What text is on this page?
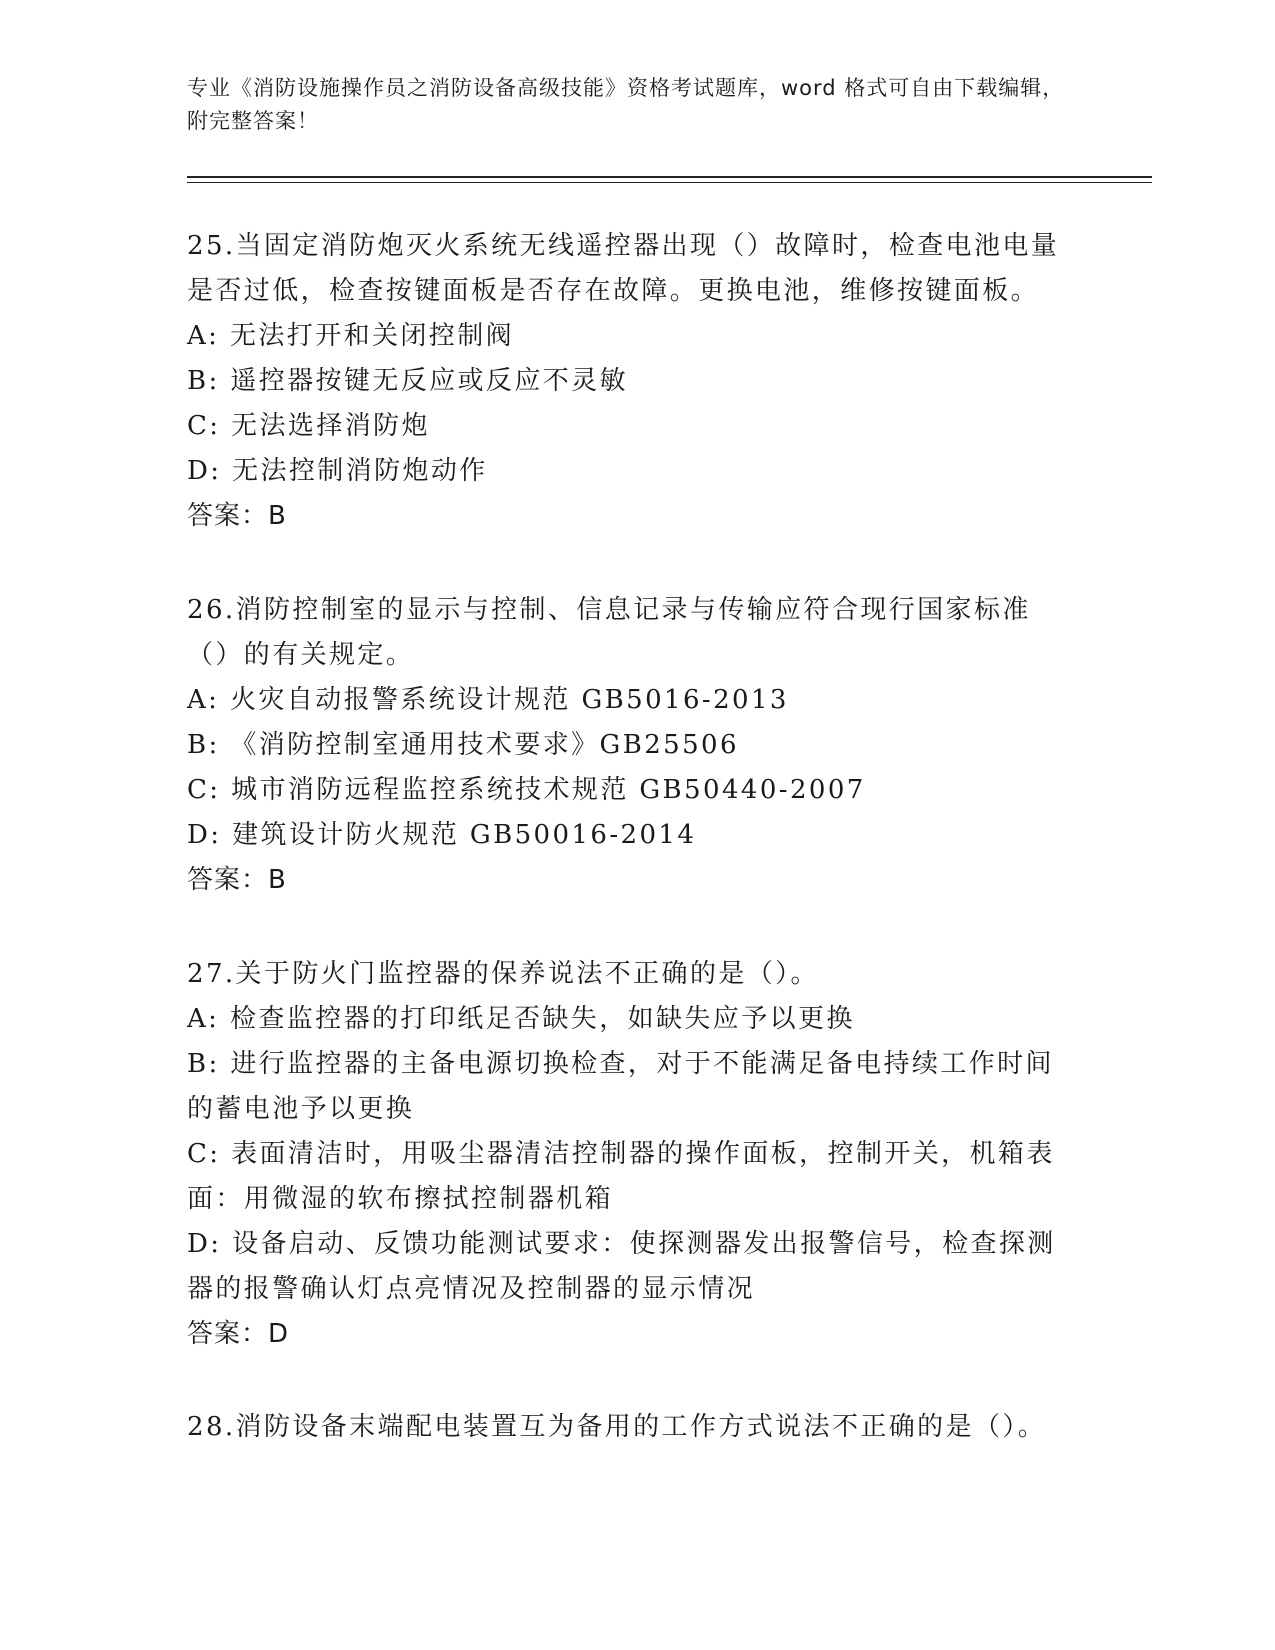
专业《消防设施操作员之消防设备高级技能》资格考试题库，word 格式可自由下载编辑，附完整答案！

25.当固定消防炮灭火系统无线遥控器出现（）故障时，检查电池电量是否过低，检查按键面板是否存在故障。更换电池，维修按键面板。

A: 无法打开和关闭控制阀

B: 遥控器按键无反应或反应不灵敏

C: 无法选择消防炮

D: 无法控制消防炮动作

答案：B

26.消防控制室的显示与控制、信息记录与传输应符合现行国家标准（）的有关规定。

A: 火灾自动报警系统设计规范 GB5016-2013

B: 《消防控制室通用技术要求》GB25506

C: 城市消防远程监控系统技术规范 GB50440-2007

D: 建筑设计防火规范 GB50016-2014

答案：B

27.关于防火门监控器的保养说法不正确的是（）。

A: 检查监控器的打印纸足否缺失，如缺失应予以更换

B: 进行监控器的主备电源切换检查，对于不能满足备电持续工作时间的蓄电池予以更换

C: 表面清洁时，用吸尘器清洁控制器的操作面板，控制开关，机箱表面：用微湿的软布擦拭控制器机箱

D: 设备启动、反馈功能测试要求：使探测器发出报警信号，检查探测器的报警确认灯点亮情况及控制器的显示情况

答案：D

28.消防设备末端配电装置互为备用的工作方式说法不正确的是（）。
